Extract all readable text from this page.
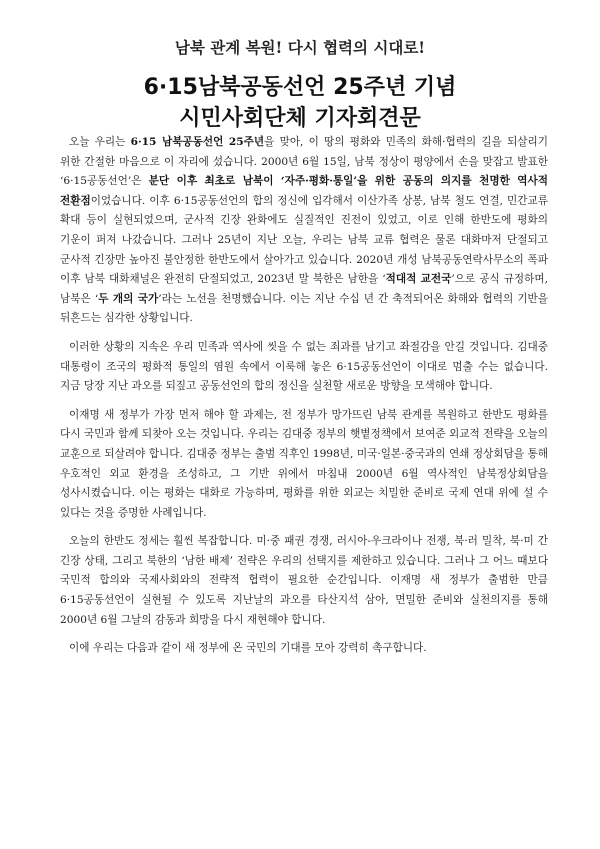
남북 관계 복원! 다시 협력의 시대로!
6·15남북공동선언 25주년 기념
시민사회단체 기자회견문

오늘 우리는 6·15 남북공동선언 25주년을 맞아, 이 땅의 평화와 민족의 화해·협력의 길을 되살리기 위한 간절한 마음으로 이 자리에 섰습니다. 2000년 6월 15일, 남북 정상이 평양에서 손을 맞잡고 발표한 ‘6·15공동선언’은 분단 이후 최초로 남북이 ‘자주·평화·통일’을 위한 공동의 의지를 천명한 역사적 전환점이었습니다. 이후 6·15공동선언의 합의 정신에 입각해서 이산가족 상봉, 남북 철도 연결, 민간교류 확대 등이 실현되었으며, 군사적 긴장 완화에도 실질적인 진전이 있었고, 이로 인해 한반도에 평화의 기운이 퍼져 나갔습니다. 그러나 25년이 지난 오늘, 우리는 남북 교류 협력은 물론 대화마저 단절되고 군사적 긴장만 높아진 불안정한 한반도에서 살아가고 있습니다. 2020년 개성 남북공동연락사무소의 폭파 이후 남북 대화채널은 완전히 단절되었고, 2023년 말 북한은 남한을 ‘적대적 교전국’으로 공식 규정하며, 남북은 ‘두 개의 국가’라는 노선을 천명했습니다. 이는 지난 수십 년 간 축적되어온 화해와 협력의 기반을 뒤흔드는 심각한 상황입니다.

이러한 상황의 지속은 우리 민족과 역사에 씻을 수 없는 죄과를 남기고 좌절감을 안길 것입니다. 김대중 대통령이 조국의 평화적 통일의 염원 속에서 이룩해 놓은 6·15공동선언이 이대로 멈출 수는 없습니다. 지금 당장 지난 과오를 되짚고 공동선언의 합의 정신을 실천할 새로운 방향을 모색해야 합니다.

이재명 새 정부가 가장 먼저 해야 할 과제는, 전 정부가 망가뜨린 남북 관계를 복원하고 한반도 평화를 다시 국민과 함께 되찾아 오는 것입니다. 우리는 김대중 정부의 햇볕정책에서 보여준 외교적 전략을 오늘의 교훈으로 되살려야 합니다. 김대중 정부는 출범 직후인 1998년, 미국·일본·중국과의 연쇄 정상회담을 통해 우호적인 외교 환경을 조성하고, 그 기반 위에서 마침내 2000년 6월 역사적인 남북정상회담을 성사시켰습니다. 이는 평화는 대화로 가능하며, 평화를 위한 외교는 치밀한 준비로 국제 연대 위에 설 수 있다는 것을 증명한 사례입니다.

오늘의 한반도 정세는 훨씬 복잡합니다. 미·중 패권 경쟁, 러시아-우크라이나 전쟁, 북·러 밀착, 북·미 간 긴장 상태, 그리고 북한의 ‘남한 배제’ 전략은 우리의 선택지를 제한하고 있습니다. 그러나 그 어느 때보다 국민적 합의와 국제사회와의 전략적 협력이 필요한 순간입니다. 이재명 새 정부가 출범한 만큼 6·15공동선언이 실현될 수 있도록 지난날의 과오를 타산지석 삼아, 면밀한 준비와 실천의지를 통해 2000년 6월 그날의 감동과 희망을 다시 재현해야 합니다.

이에 우리는 다음과 같이 새 정부에 온 국민의 기대를 모아 강력히 촉구합니다.
